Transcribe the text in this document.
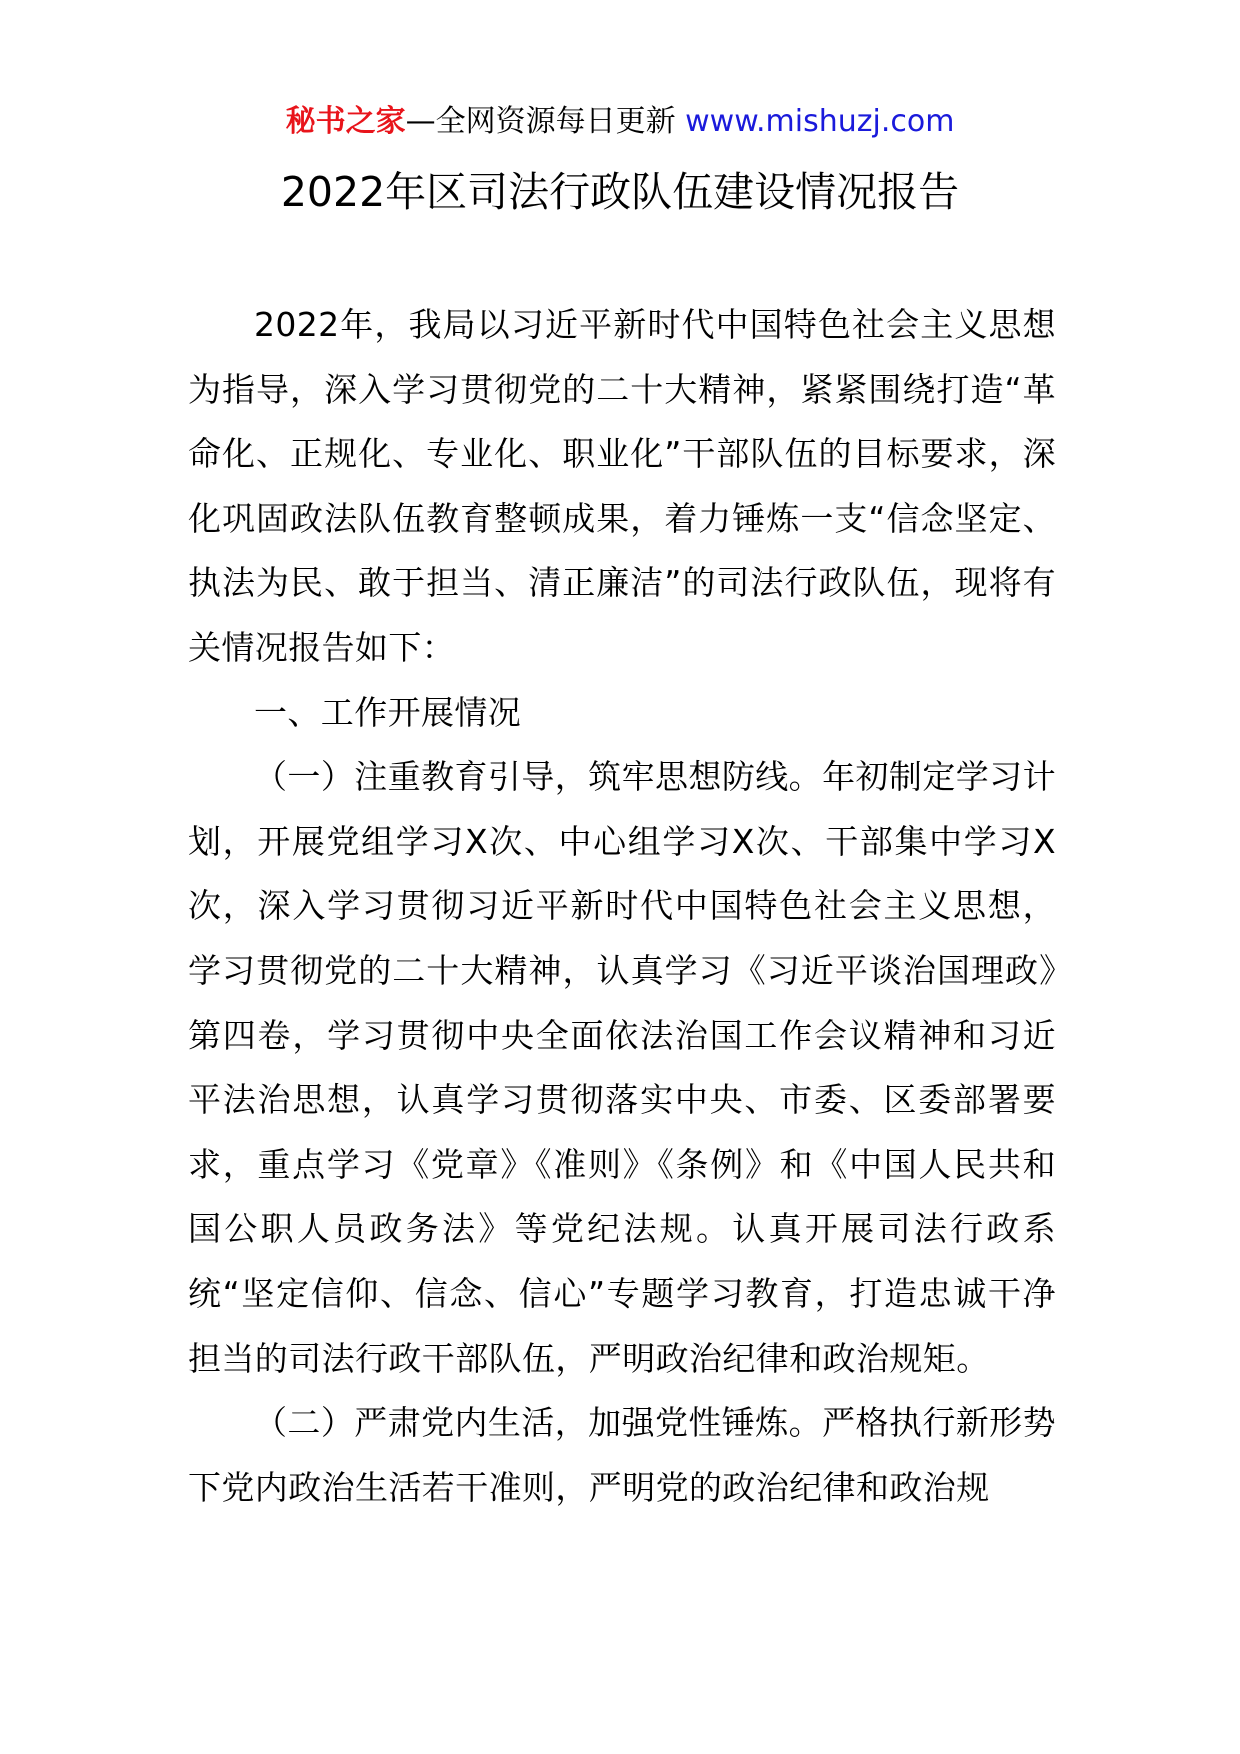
秘书之家—全网资源每日更新 www.mishuzj.com
2022年区司法行政队伍建设情况报告

2022年，我局以习近平新时代中国特色社会主义思想为指导，深入学习贯彻党的二十大精神，紧紧围绕打造“革命化、正规化、专业化、职业化”干部队伍的目标要求，深化巩固政法队伍教育整顿成果，着力锤炼一支“信念坚定、执法为民、敢于担当、清正廉洁”的司法行政队伍，现将有关情况报告如下：

一、工作开展情况

（一）注重教育引导，筑牢思想防线。年初制定学习计划，开展党组学习X次、中心组学习X次、干部集中学习X次，深入学习贯彻习近平新时代中国特色社会主义思想，学习贯彻党的二十大精神，认真学习《习近平谈治国理政》第四卷，学习贯彻中央全面依法治国工作会议精神和习近平法治思想，认真学习贯彻落实中央、市委、区委部署要求，重点学习《党章》《准则》《条例》和《中国人民共和国公职人员政务法》等党纪法规。认真开展司法行政系统“坚定信仰、信念、信心”专题学习教育，打造忠诚干净担当的司法行政干部队伍，严明政治纪律和政治规矩。

（二）严肃党内生活，加强党性锤炼。严格执行新形势下党内政治生活若干准则，严明党的政治纪律和政治规
